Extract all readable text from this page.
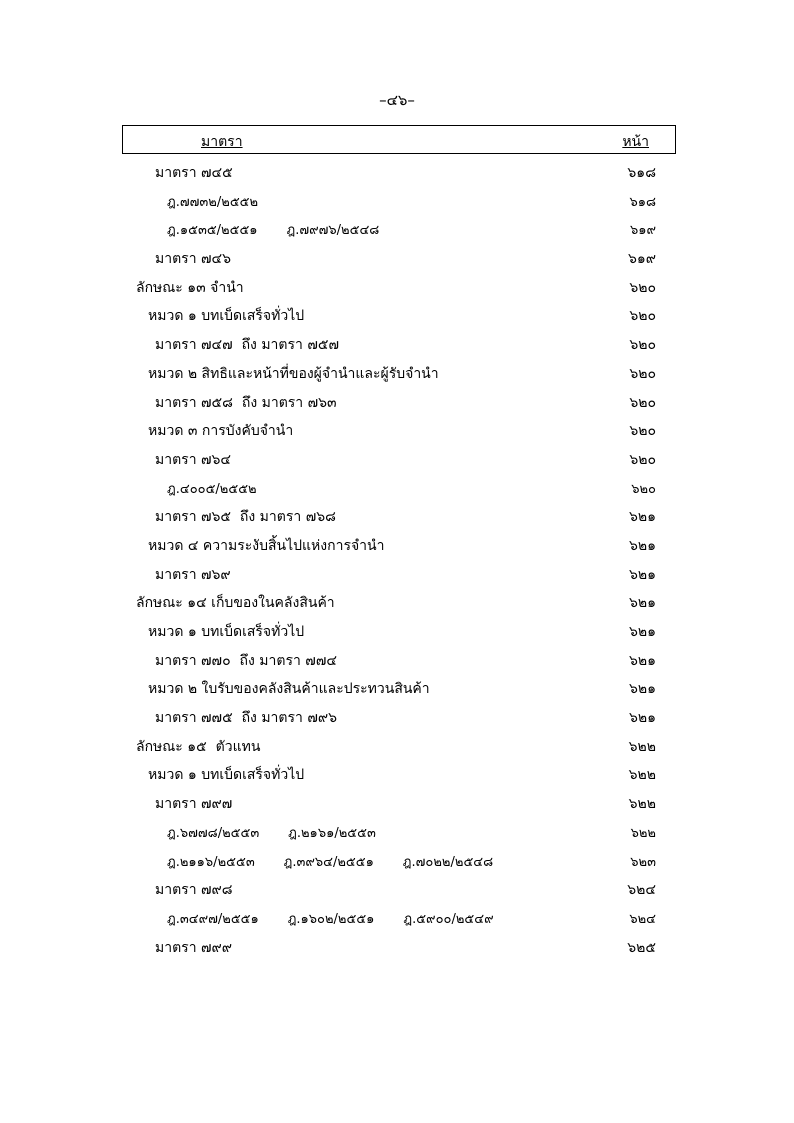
–๔๖–
มาตรา	หน้า
มาตรา ๗๔๕	๖๑๘
ฎ.๗๗๓๒/๒๕๕๒	๖๑๘
ฎ.๑๕๓๕/๒๕๕๑       ฎ.๗๙๗๖/๒๕๔๘	๖๑๙
มาตรา ๗๔๖	๖๑๙
ลักษณะ ๑๓ จำนำ	๖๒๐
หมวด ๑ บทเบ็ดเสร็จทั่วไป	๖๒๐
มาตรา ๗๔๗  ถึง มาตรา ๗๕๗	๖๒๐
หมวด ๒ สิทธิและหน้าที่ของผู้จำนำและผู้รับจำนำ	๖๒๐
มาตรา ๗๕๘  ถึง มาตรา ๗๖๓	๖๒๐
หมวด ๓ การบังคับจำนำ	๖๒๐
มาตรา ๗๖๔	๖๒๐
ฎ.๔๐๐๕/๒๕๕๒	๖๒๐
มาตรา ๗๖๕  ถึง มาตรา ๗๖๘	๖๒๑
หมวด ๔ ความระงับสิ้นไปแห่งการจำนำ	๖๒๑
มาตรา ๗๖๙	๖๒๑
ลักษณะ ๑๔ เก็บของในคลังสินค้า	๖๒๑
หมวด ๑ บทเบ็ดเสร็จทั่วไป	๖๒๑
มาตรา ๗๗๐  ถึง มาตรา ๗๗๔	๖๒๑
หมวด ๒ ใบรับของคลังสินค้าและประทวนสินค้า	๖๒๑
มาตรา ๗๗๕  ถึง มาตรา ๗๙๖	๖๒๑
ลักษณะ ๑๕  ตัวแทน	๖๒๒
หมวด ๑ บทเบ็ดเสร็จทั่วไป	๖๒๒
มาตรา ๗๙๗	๖๒๒
ฎ.๖๗๗๘/๒๕๕๓       ฎ.๒๑๖๑/๒๕๕๓	๖๒๒
ฎ.๒๑๑๖/๒๕๕๓       ฎ.๓๙๖๔/๒๕๕๑       ฎ.๗๐๒๒/๒๕๔๘	๖๒๓
มาตรา ๗๙๘	๖๒๔
ฎ.๓๔๙๗/๒๕๕๑       ฎ.๑๖๐๒/๒๕๕๑       ฎ.๕๙๐๐/๒๕๔๙	๖๒๔
มาตรา ๗๙๙	๖๒๕
